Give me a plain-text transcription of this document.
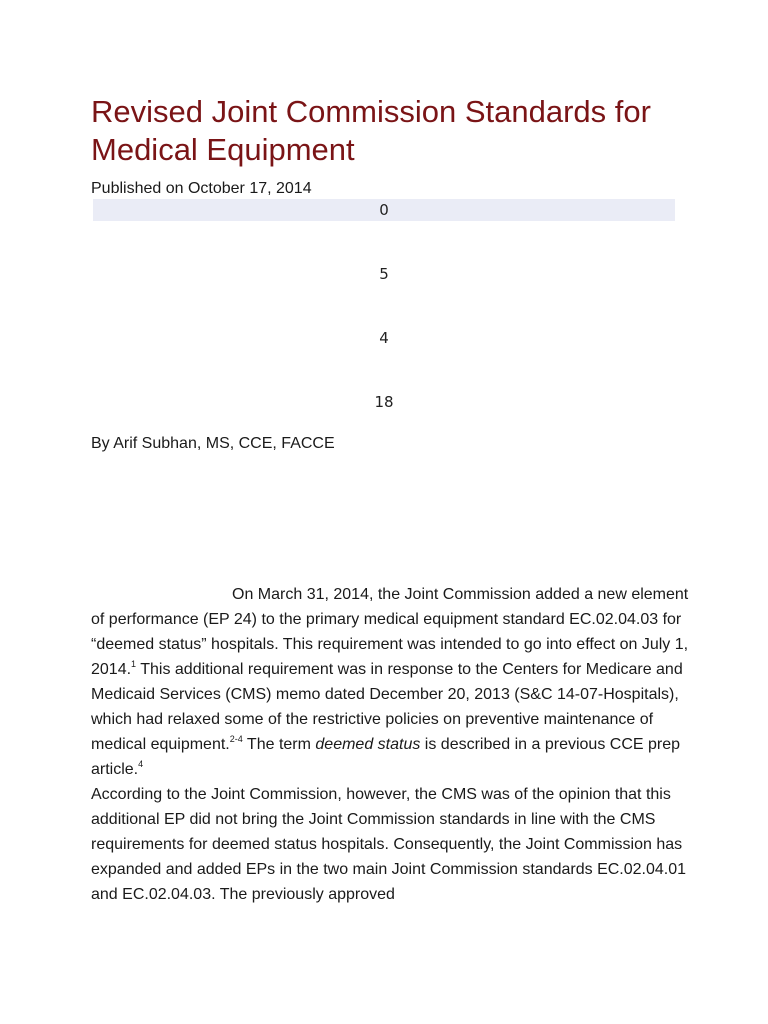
Revised Joint Commission Standards for Medical Equipment
Published on October 17, 2014
0
5
4
18
By Arif Subhan, MS, CCE, FACCE

On March 31, 2014, the Joint Commission added a new element of performance (EP 24) to the primary medical equipment standard EC.02.04.03 for “deemed status” hospitals. This requirement was intended to go into effect on July 1, 2014.$^1$ This additional requirement was in response to the Centers for Medicare and Medicaid Services (CMS) memo dated December 20, 2013 (S&C 14-07-Hospitals), which had relaxed some of the restrictive policies on preventive maintenance of medical equipment.$^{2-4}$ The term deemed status is described in a previous CCE prep article.$^4$

According to the Joint Commission, however, the CMS was of the opinion that this additional EP did not bring the Joint Commission standards in line with the CMS requirements for deemed status hospitals. Consequently, the Joint Commission has expanded and added EPs in the two main Joint Commission standards EC.02.04.01 and EC.02.04.03. The previously approved
